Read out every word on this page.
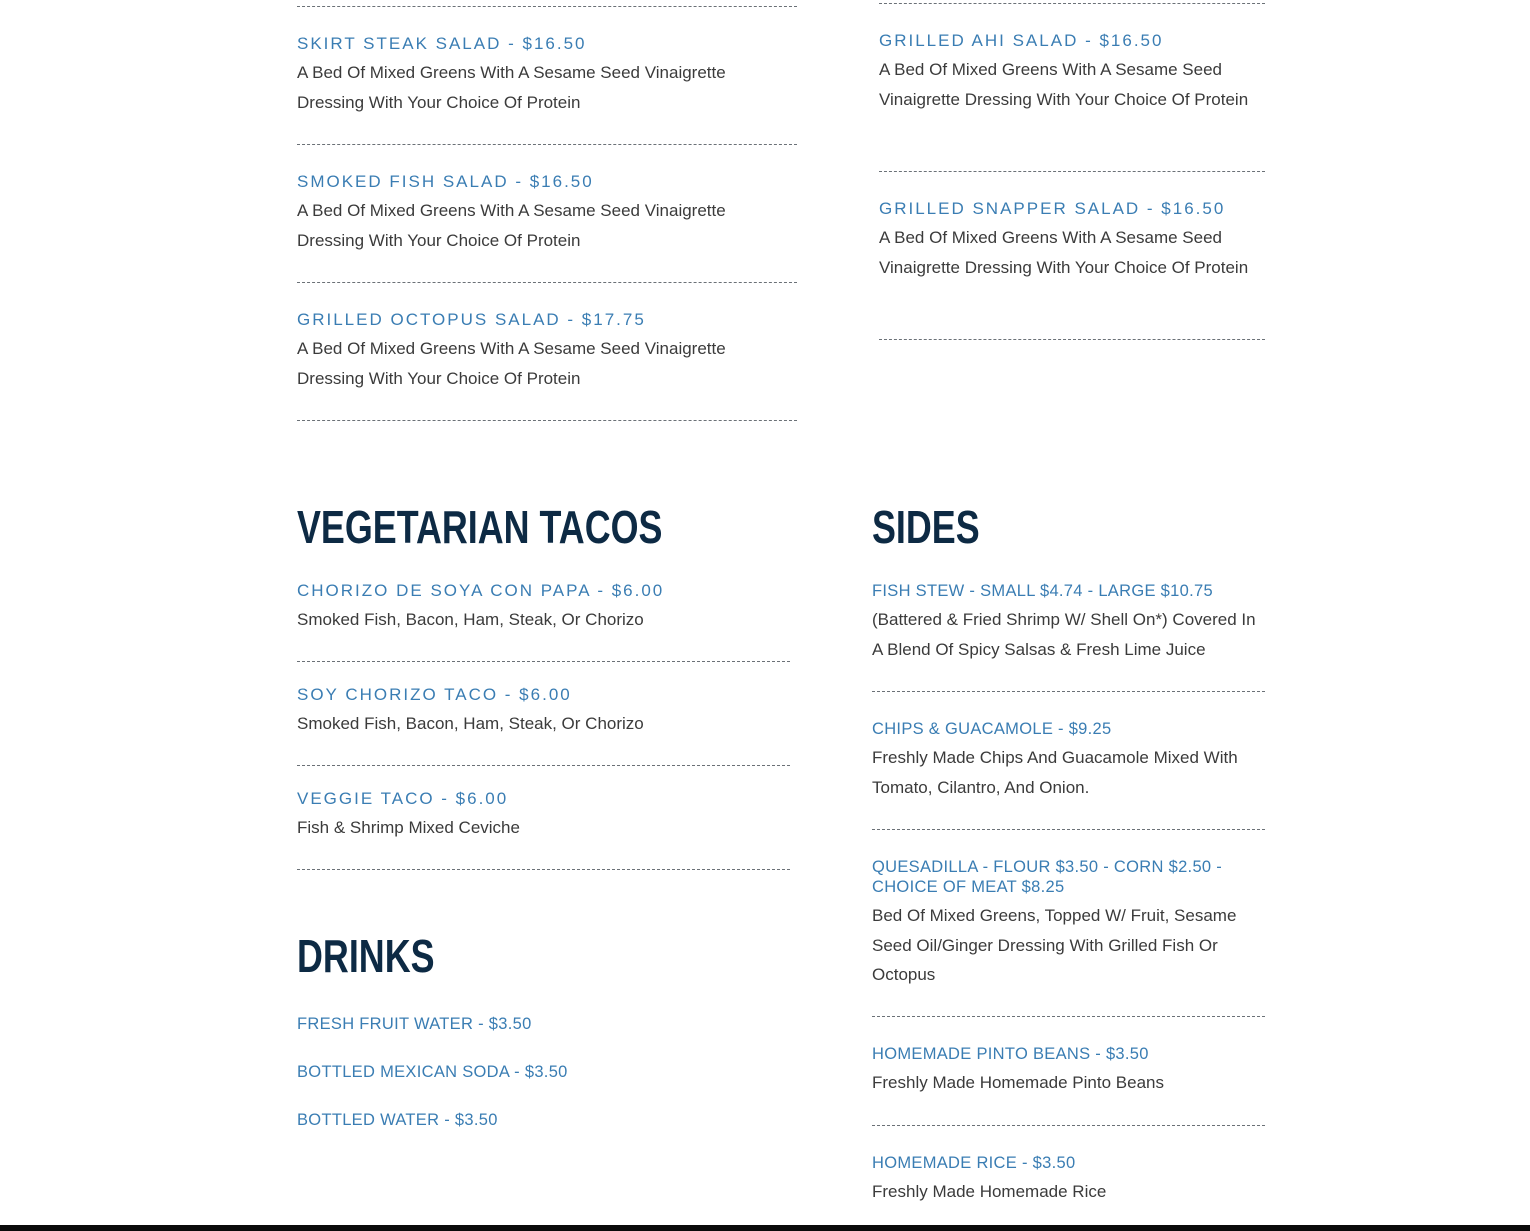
SKIRT STEAK SALAD - $16.50
A Bed Of Mixed Greens With A Sesame Seed Vinaigrette Dressing With Your Choice Of Protein
SMOKED FISH SALAD - $16.50
A Bed Of Mixed Greens With A Sesame Seed Vinaigrette Dressing With Your Choice Of Protein
GRILLED OCTOPUS SALAD - $17.75
A Bed Of Mixed Greens With A Sesame Seed Vinaigrette Dressing With Your Choice Of Protein
GRILLED AHI SALAD - $16.50
A Bed Of Mixed Greens With A Sesame Seed Vinaigrette Dressing With Your Choice Of Protein
GRILLED SNAPPER SALAD - $16.50
A Bed Of Mixed Greens With A Sesame Seed Vinaigrette Dressing With Your Choice Of Protein
VEGETARIAN TACOS
CHORIZO DE SOYA CON PAPA - $6.00
Smoked Fish, Bacon, Ham, Steak, Or Chorizo
SOY CHORIZO TACO - $6.00
Smoked Fish, Bacon, Ham, Steak, Or Chorizo
VEGGIE TACO - $6.00
Fish & Shrimp Mixed Ceviche
DRINKS
FRESH FRUIT WATER - $3.50
BOTTLED MEXICAN SODA - $3.50
BOTTLED WATER - $3.50
SIDES
FISH STEW - SMALL $4.74 - LARGE $10.75
(Battered & Fried Shrimp W/ Shell On*) Covered In A Blend Of Spicy Salsas & Fresh Lime Juice
CHIPS & GUACAMOLE - $9.25
Freshly Made Chips And Guacamole Mixed With Tomato, Cilantro, And Onion.
QUESADILLA - FLOUR $3.50 - CORN $2.50 - CHOICE OF MEAT $8.25
Bed Of Mixed Greens, Topped W/ Fruit, Sesame Seed Oil/Ginger Dressing With Grilled Fish Or Octopus
HOMEMADE PINTO BEANS - $3.50
Freshly Made Homemade Pinto Beans
HOMEMADE RICE - $3.50
Freshly Made Homemade Rice
